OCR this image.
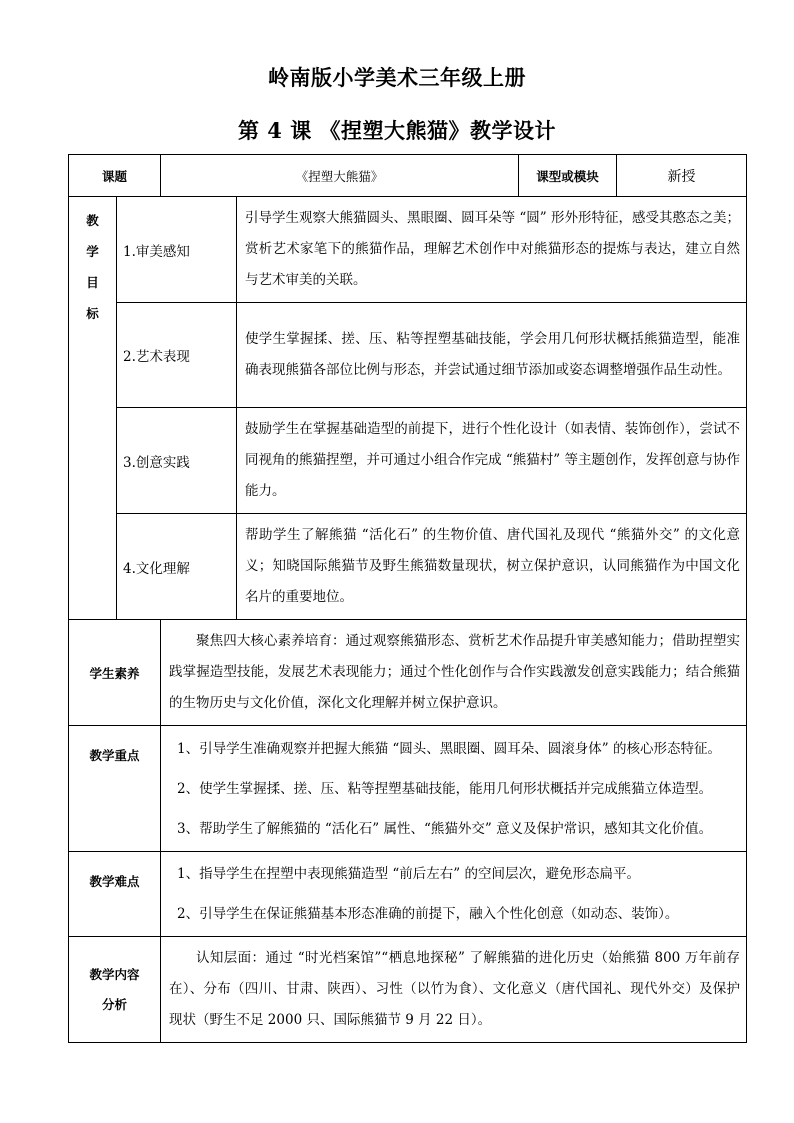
岭南版小学美术三年级上册
第 4 课 《捏塑大熊猫》教学设计
课题		《捏塑大熊猫》		课型或模块	新授

教
学
目
标	1.审美感知		引导学生观察大熊猫圆头、黑眼圈、圆耳朵等 “圆” 形外形特征，感受其憨态之美；赏析艺术家笔下的熊猫作品，理解艺术创作中对熊猫形态的提炼与表达，建立自然与艺术审美的关联。		
	2.艺术表现		使学生掌握揉、搓、压、粘等捏塑基础技能，学会用几何形状概括熊猫造型，能准确表现熊猫各部位比例与形态，并尝试通过细节添加或姿态调整增强作品生动性。		
	3.创意实践		鼓励学生在掌握基础造型的前提下，进行个性化设计（如表情、装饰创作），尝试不同视角的熊猫捏塑，并可通过小组合作完成 “熊猫村” 等主题创作，发挥创意与协作能力。		
	4.文化理解		帮助学生了解熊猫 “活化石” 的生物价值、唐代国礼及现代 “熊猫外交” 的文化意义；知晓国际熊猫节及野生熊猫数量现状，树立保护意识，认同熊猫作为中国文化名片的重要地位。		
学生素养		聚焦四大核心素养培育：通过观察熊猫形态、赏析艺术作品提升审美感知能力；借助捏塑实践掌握造型技能，发展艺术表现能力；通过个性化创作与合作实践激发创意实践能力；结合熊猫的生物历史与文化价值，深化文化理解并树立保护意识。			
教学重点		1、引导学生准确观察并把握大熊猫 “圆头、黑眼圈、圆耳朵、圆滚身体” 的核心形态特征。
2、使学生掌握揉、搓、压、粘等捏塑基础技能，能用几何形状概括并完成熊猫立体造型。
3、帮助学生了解熊猫的 “活化石” 属性、“熊猫外交” 意义及保护常识，感知其文化价值。			

教学难点		1、指导学生在捏塑中表现熊猫造型 “前后左右” 的空间层次，避免形态扁平。
2、引导学生在保证熊猫基本形态准确的前提下，融入个性化创意（如动态、装饰）。			

教学内容
分析		认知层面：通过 “时光档案馆”“栖息地探秘” 了解熊猫的进化历史（始熊猫 800 万年前存在）、分布（四川、甘肃、陕西）、习性（以竹为食）、文化意义（唐代国礼、现代外交）及保护现状（野生不足 2000 只、国际熊猫节 9 月 22 日）。			
